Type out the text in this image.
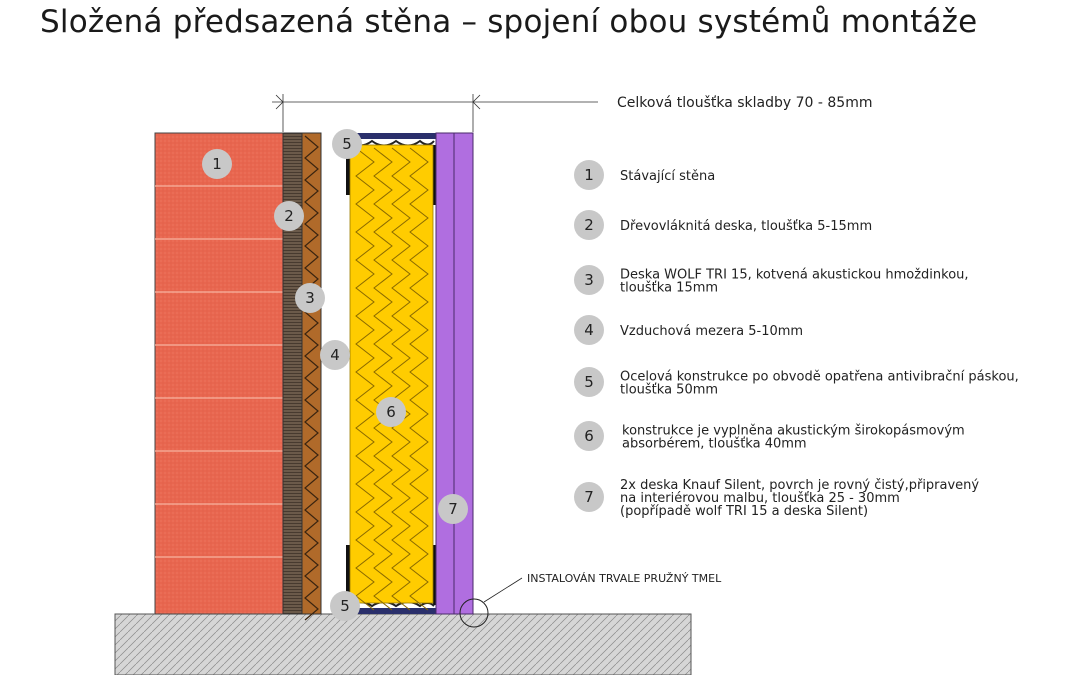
Složená předsazená stěna – spojení obou systémů montáže
INSTALOVÁN TRVALE PRUŽNÝ TMEL
Celková tloušťka skladby 70 - 85mm
1
2
3
4
5
5
6
7
1 Stávající stěna
2 Dřevovláknitá deska, tloušťka 5-15mm
3 Deska WOLF TRI 15, kotvená akustickou hmoždinkou,
tloušťka 15mm
4 Vzduchová mezera 5-10mm
5 Ocelová konstrukce po obvodě opatřena antivibrační páskou,
tloušťka 50mm
6 konstrukce je vyplněna akustickým širokopásmovým
absorbérem, tloušťka 40mm
7
2x deska Knauf Silent, povrch je rovný čistý,připravený
na interiérovou malbu, tloušťka 25 - 30mm
(popřípadě wolf TRI 15 a deska Silent)
